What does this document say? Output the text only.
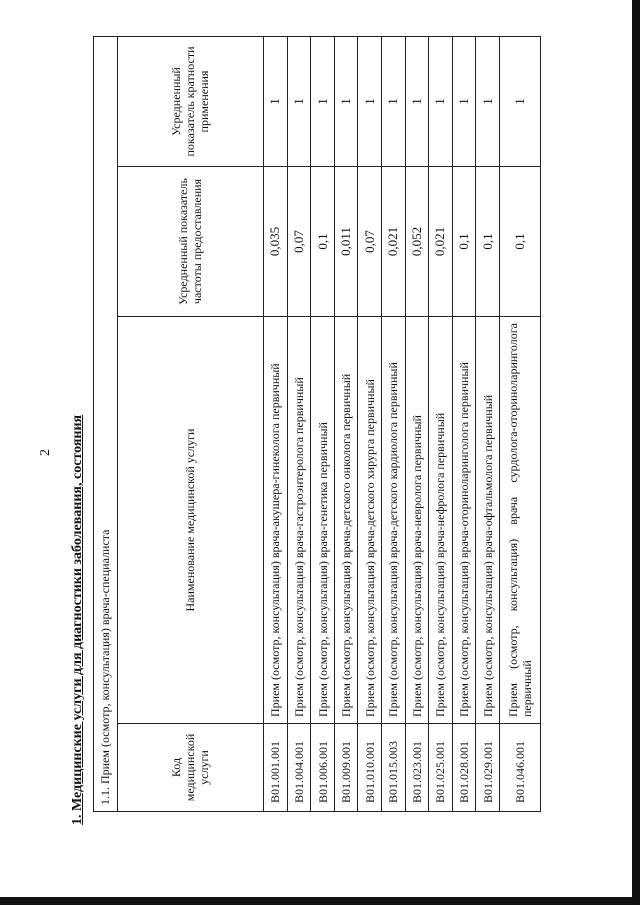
2 1. Медицинские услуги для диагностики заболевания, состояния 1.1. Прием (осмотр, консультация) врача-специалиста			
Код медицинской услуги	Наименование медицинской услуги	Усредненный показатель частоты предоставления	Усредненный показатель кратности применения
B01.001.001	Прием (осмотр, консультация) врача-акушера-гинеколога первичный	0,035	1
B01.004.001	Прием (осмотр, консультация) врача-гастроэнтеролога первичный	0,07	1
B01.006.001	Прием (осмотр, консультация) врача-генетика первичный	0,1	1
B01.009.001	Прием (осмотр, консультация) врача-детского онколога первичный	0,011	1
B01.010.001	Прием (осмотр, консультация) врача-детского хирурга первичный	0,07	1
B01.015.003	Прием (осмотр, консультация) врача-детского кардиолога первичный	0,021	1
B01.023.001	Прием (осмотр, консультация) врача-невролога первичный	0,052	1
B01.025.001	Прием (осмотр, консультация) врача-нефролога первичный	0,021	1
B01.028.001	Прием (осмотр, консультация) врача-оториноларинголога первичный	0,1	1
B01.029.001	Прием (осмотр, консультация) врача-офтальмолога первичный	0,1	1
B01.046.001	Прием (осмотр, консультация) врача сурдолога-оториноларинголога первичный	0,1	1
